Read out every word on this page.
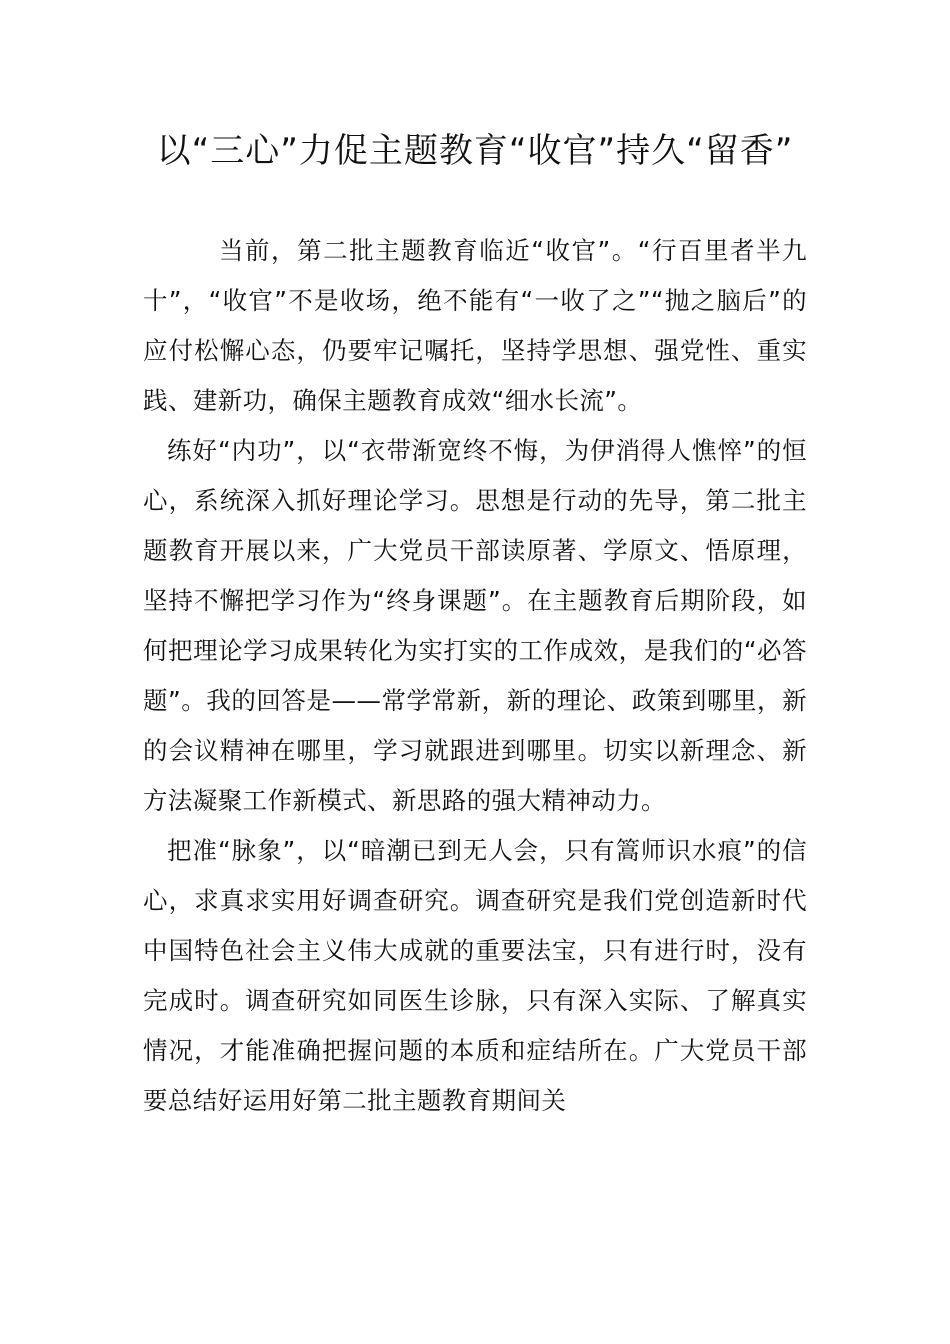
以“三心”力促主题教育“收官”持久“留香”

当前，第二批主题教育临近“收官”。“行百里者半九十”，“收官”不是收场，绝不能有“一收了之”“抛之脑后”的应付松懈心态，仍要牢记嘱托，坚持学思想、强党性、重实践、建新功，确保主题教育成效“细水长流”。

练好“内功”，以“衣带渐宽终不悔，为伊消得人憔悴”的恒心，系统深入抓好理论学习。思想是行动的先导，第二批主题教育开展以来，广大党员干部读原著、学原文、悟原理，坚持不懈把学习作为“终身课题”。在主题教育后期阶段，如何把理论学习成果转化为实打实的工作成效，是我们的“必答题”。我的回答是——常学常新，新的理论、政策到哪里，新的会议精神在哪里，学习就跟进到哪里。切实以新理念、新方法凝聚工作新模式、新思路的强大精神动力。

把准“脉象”，以“暗潮已到无人会，只有篙师识水痕”的信心，求真求实用好调查研究。调查研究是我们党创造新时代中国特色社会主义伟大成就的重要法宝，只有进行时，没有完成时。调查研究如同医生诊脉，只有深入实际、了解真实情况，才能准确把握问题的本质和症结所在。广大党员干部要总结好运用好第二批主题教育期间关
